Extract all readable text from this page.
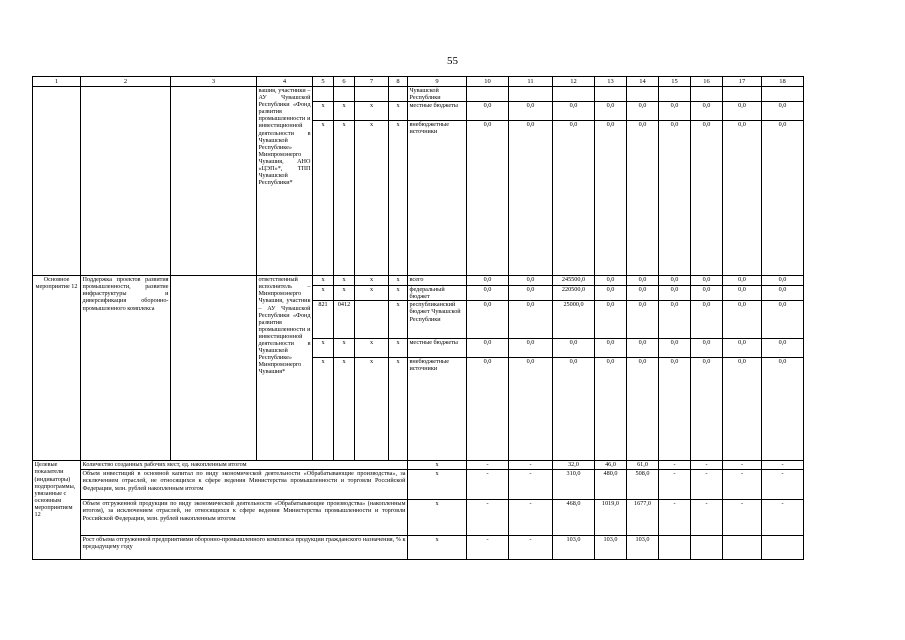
55
1	2	3	4	5	6	7	8	9	10	11	12	13	14	15	16	17	18
			вашия, участники – АУ Чувашской Республики «Фонд развития промышленности и инвестиционной деятельности в Чувашской Республике» Минпромэнерго Чувашия, АНО «ЦЭП»*, ТПП Чувашской Республики*					Чувашской Республики									
				x	x	x	x	местные бюджеты	0,0	0,0	0,0	0,0	0,0	0,0	0,0	0,0	0,0
				x	x	x	x	внебюджетные источники	0,0	0,0	0,0	0,0	0,0	0,0	0,0	0,0	0,0
Основное мероприятие 12	Поддержка проектов развития промышленности, развитие инфраструктуры и диверсификация оборонно-промышленного комплекса		ответственный исполнитель – Минпромэнерго Чувашия, участник – АУ Чувашской Республики «Фонд развития промышленности и инвестиционной деятельности в Чувашской Республике» Минпромэнерго Чувашия*	x	x	x	x	всего	0,0	0,0	245500,0	0,0	0,0	0,0	0,0	0,0	0,0
				x	x	x	x	федеральный бюджет	0,0	0,0	220500,0	0,0	0,0	0,0	0,0	0,0	0,0
				821	0412		x	республиканский бюджет Чувашской Республики	0,0	0,0	25000,0	0,0	0,0	0,0	0,0	0,0	0,0
				x	x	x	x	местные бюджеты	0,0	0,0	0,0	0,0	0,0	0,0	0,0	0,0	0,0
				x	x	x	x	внебюджетные источники	0,0	0,0	0,0	0,0	0,0	0,0	0,0	0,0	0,0
Целевые показатели (индикаторы) подпрограммы, увязанные с основным мероприятием 12	Количество созданных рабочих мест, ед. накопленным итогом							x	-	-	32,0	46,0	61,0	-	-	-	-
	Объем инвестиций в основной капитал по виду экономической деятельности «Обрабатывающие производства», за исключением отраслей, не относящихся к сфере ведения Министерства промышленности и торговли Российской Федерации, млн. рублей накопленным итогом							x	-	-	310,0	480,0	508,0	-	-	-	-
	Объем отгруженной продукции по виду экономической деятельности «Обрабатывающие производства» (накопленным итогом), за исключением отраслей, не относящихся к сфере ведения Министерства промышленности и торговли Российской Федерации, млн. рублей накопленным итогом							x	-	-	468,0	1019,0	1677,0	-	-	-	-
	Рост объема отгруженной предприятиями оборонно-промышленного комплекса продукции гражданского назначения, % к предыдущему году							x	-	-	103,0	103,0	103,0				
